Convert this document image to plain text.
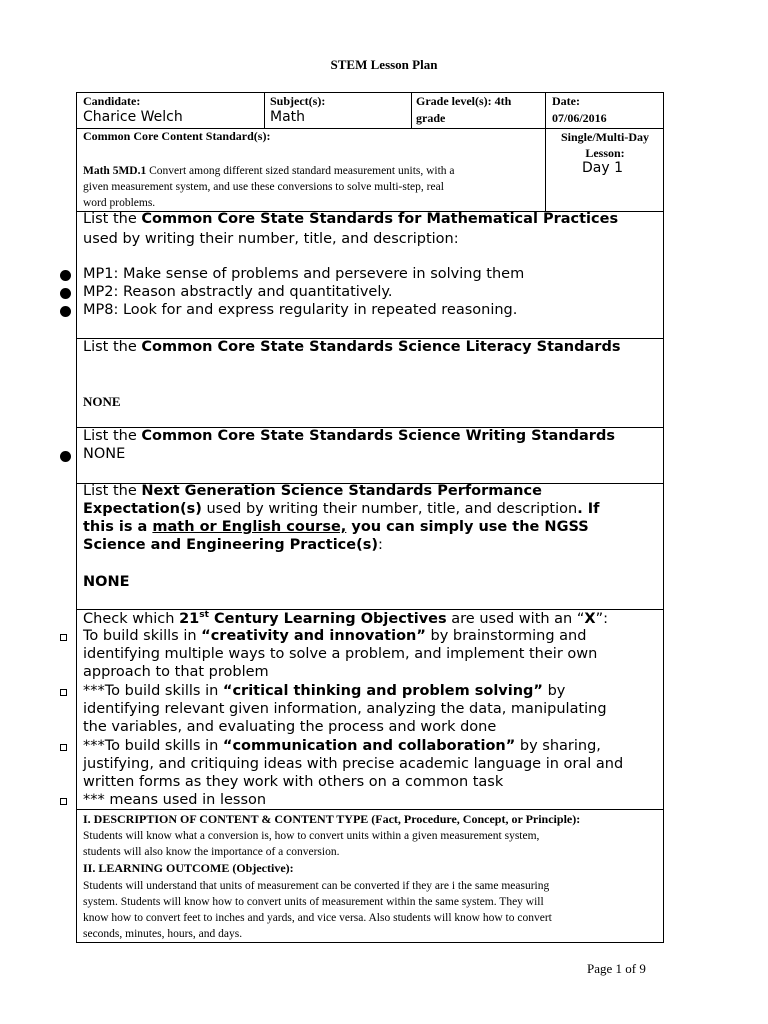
STEM Lesson Plan
Candidate:
Charice Welch
Subject(s):
Math
Grade level(s): 4th
grade
Date:
07/06/2016
Common Core Content Standard(s):
Math 5MD.1 Convert among different sized standard measurement units, with a
given measurement system, and use these conversions to solve multi-step, real
word problems.
Single/Multi-Day
Lesson:
Day 1
List the Common Core State Standards for Mathematical Practices
used by writing their number, title, and description:
MP1: Make sense of problems and persevere in solving them
MP2: Reason abstractly and quantitatively.
MP8: Look for and express regularity in repeated reasoning.
List the Common Core State Standards Science Literacy Standards
NONE
List the Common Core State Standards Science Writing Standards
NONE
List the Next Generation Science Standards Performance
Expectation(s) used by writing their number, title, and description. If
this is a math or English course, you can simply use the NGSS
Science and Engineering Practice(s):
NONE
Check which 21st Century Learning Objectives are used with an “X”:
To build skills in “creativity and innovation” by brainstorming and
identifying multiple ways to solve a problem, and implement their own
approach to that problem
***To build skills in “critical thinking and problem solving” by
identifying relevant given information, analyzing the data, manipulating
the variables, and evaluating the process and work done
***To build skills in “communication and collaboration” by sharing,
justifying, and critiquing ideas with precise academic language in oral and
written forms as they work with others on a common task
*** means used in lesson
I. DESCRIPTION OF CONTENT & CONTENT TYPE (Fact, Procedure, Concept, or Principle):
Students will know what a conversion is, how to convert units within a given measurement system,
students will also know the importance of a conversion.
II. LEARNING OUTCOME (Objective):
Students will understand that units of measurement can be converted if they are i the same measuring
system. Students will know how to convert units of measurement within the same system. They will
know how to convert feet to inches and yards, and vice versa. Also students will know how to convert
seconds, minutes, hours, and days.
Page 1 of 9
